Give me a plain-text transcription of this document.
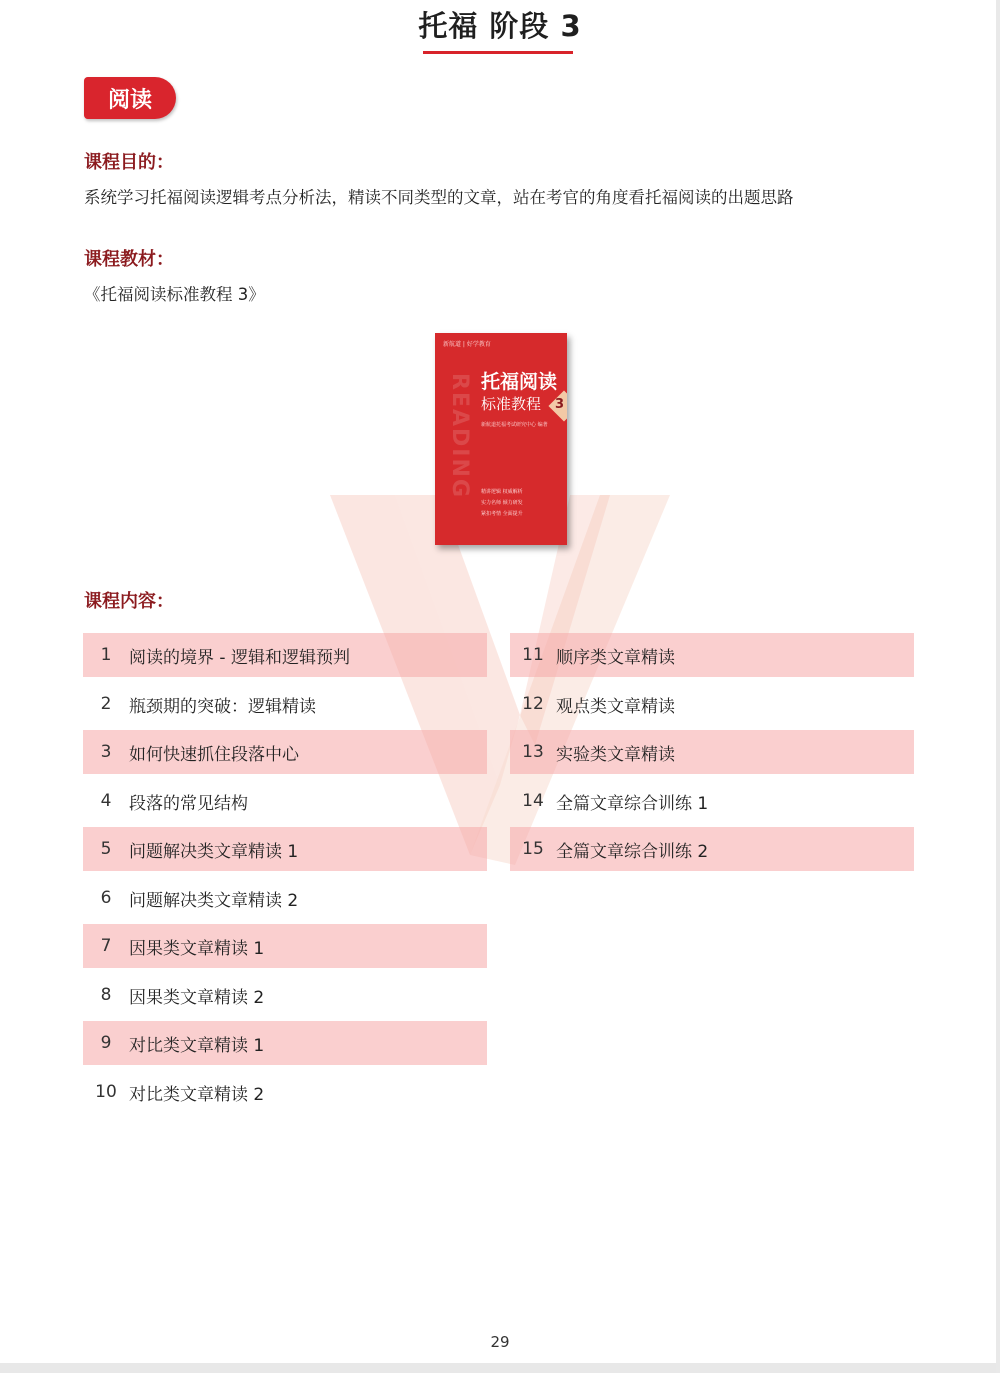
托福 阶段 3
阅读
课程目的：
系统学习托福阅读逻辑考点分析法，精读不同类型的文章，站在考官的角度看托福阅读的出题思路
课程教材：
《托福阅读标准教程 3》
READING
新航道 | 好学教育
托福阅读
标准教程 3
新航道托福考试研究中心 编著
精讲逻辑 权威解析
实力名师 倾力研发
紧扣考情 全面提升
课程内容：
1	阅读的境界 - 逻辑和逻辑预判
2	瓶颈期的突破：逻辑精读
3	如何快速抓住段落中心
4	段落的常见结构
5	问题解决类文章精读 1
6	问题解决类文章精读 2
7	因果类文章精读 1
8	因果类文章精读 2
9	对比类文章精读 1
10 对比类文章精读 2
11 顺序类文章精读
12 观点类文章精读
13 实验类文章精读
14 全篇文章综合训练 1
15 全篇文章综合训练 2
29
